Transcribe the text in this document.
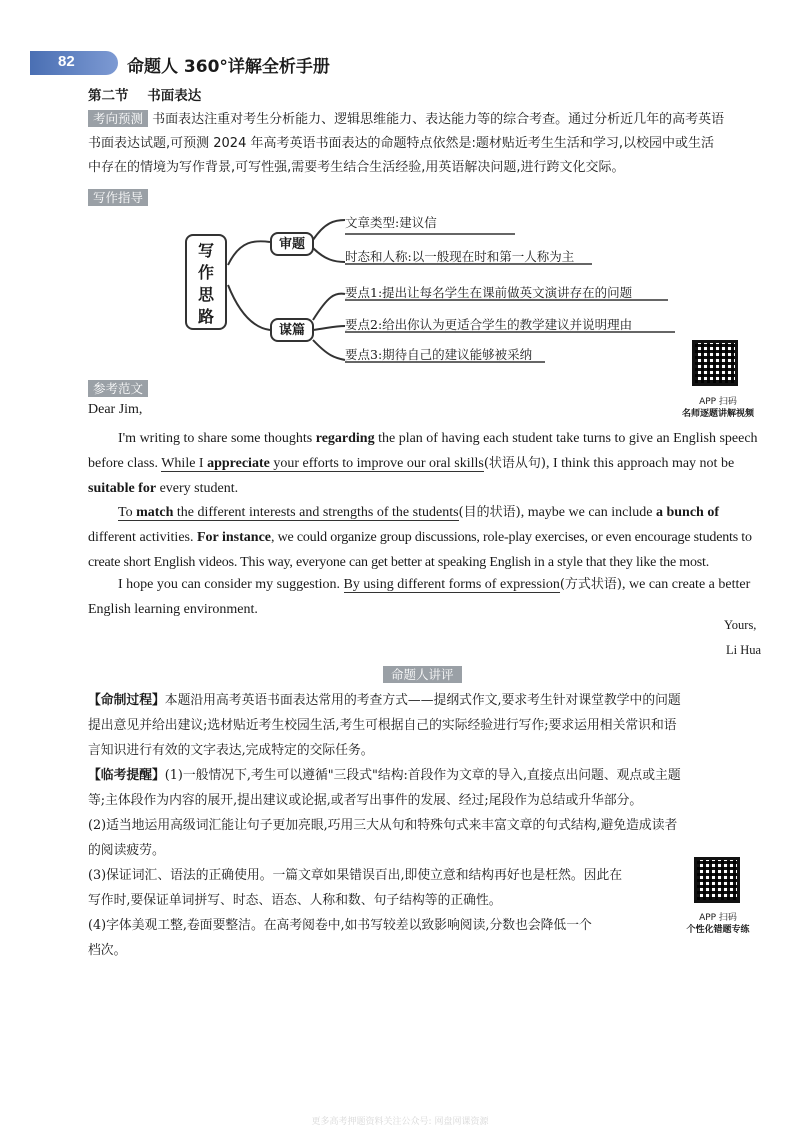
82	命题人 360°详解全析手册
第二节 书面表达
考向预测 书面表达注重对考生分析能力、逻辑思维能力、表达能力等的综合考查。通过分析近几年的高考英语
书面表达试题,可预测 2024 年高考英语书面表达的命题特点依然是:题材贴近考生生活和学习,以校园中或生活
中存在的情境为写作背景,可写性强,需要考生结合生活经验,用英语解决问题,进行跨文化交际。
写作指导
写作思路
审题
谋篇
文章类型:建议信
时态和人称:以一般现在时和第一人称为主
要点1:提出让每名学生在课前做英文演讲存在的问题
要点2:给出你认为更适合学生的教学建议并说明理由
要点3:期待自己的建议能够被采纳
APP 扫码
名师逐题讲解视频
参考范文
Dear Jim,
I'm writing to share some thoughts regarding the plan of having each student take turns to give an English speech
before class. While I appreciate your efforts to improve our oral skills(状语从句), I think this approach may not be
suitable for every student.
To match the different interests and strengths of the students(目的状语), maybe we can include a bunch of
different activities. For instance, we could organize group discussions, role-play exercises, or even encourage students to
create short English videos. This way, everyone can get better at speaking English in a style that they like the most.
I hope you can consider my suggestion. By using different forms of expression(方式状语), we can create a better
English learning environment.
Yours,
Li Hua
命题人讲评
【命制过程】本题沿用高考英语书面表达常用的考查方式——提纲式作文,要求考生针对课堂教学中的问题
提出意见并给出建议;选材贴近考生校园生活,考生可根据自己的实际经验进行写作;要求运用相关常识和语
言知识进行有效的文字表达,完成特定的交际任务。
【临考提醒】(1)一般情况下,考生可以遵循"三段式"结构:首段作为文章的导入,直接点出问题、观点或主题
等;主体段作为内容的展开,提出建议或论据,或者写出事件的发展、经过;尾段作为总结或升华部分。
(2)适当地运用高级词汇能让句子更加亮眼,巧用三大从句和特殊句式来丰富文章的句式结构,避免造成读者
的阅读疲劳。
(3)保证词汇、语法的正确使用。一篇文章如果错误百出,即使立意和结构再好也是枉然。因此在
写作时,要保证单词拼写、时态、语态、人称和数、句子结构等的正确性。
(4)字体美观工整,卷面要整洁。在高考阅卷中,如书写较差以致影响阅读,分数也会降低一个
档次。
APP 扫码
个性化错题专练
更多高考押题资料关注公众号: 网盘网课资源
